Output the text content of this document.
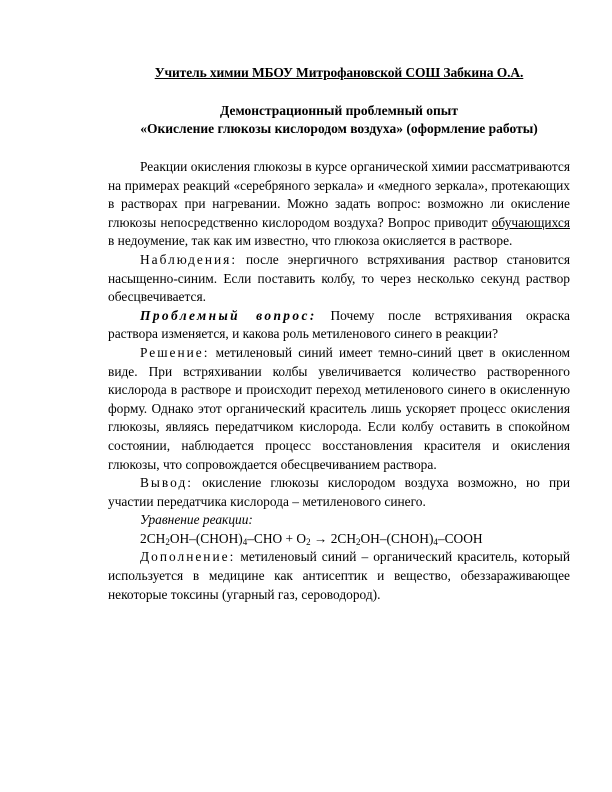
Учитель химии МБОУ Митрофановской СОШ Забкина О.А.
Демонстрационный проблемный опыт
«Окисление глюкозы кислородом воздуха» (оформление работы)

Реакции окисления глюкозы в курсе органической химии рассматриваются на примерах реакций «серебряного зеркала» и «медного зеркала», протекающих в растворах при нагревании. Можно задать вопрос: возможно ли окисление глюкозы непосредственно кислородом воздуха? Вопрос приводит обучающихся в недоумение, так как им известно, что глюкоза окисляется в растворе.

Наблюдения: после энергичного встряхивания раствор становится насыщенно-синим. Если поставить колбу, то через несколько секунд раствор обесцвечивается.

Проблемный вопрос: Почему после встряхивания окраска раствора изменяется, и какова роль метиленового синего в реакции?

Решение: метиленовый синий имеет темно-синий цвет в окисленном виде. При встряхивании колбы увеличивается количество растворенного кислорода в растворе и происходит переход метиленового синего в окисленную форму. Однако этот органический краситель лишь ускоряет процесс окисления глюкозы, являясь передатчиком кислорода. Если колбу оставить в спокойном состоянии, наблюдается процесс восстановления красителя и окисления глюкозы, что сопровождается обесцвечиванием раствора.

Вывод: окисление глюкозы кислородом воздуха возможно, но при участии передатчика кислорода – метиленового синего.

Уравнение реакции:

$2CH_2OH-(CHOH)_4$–CHO + $O_2$ → $2CH_2OH-(CHOH)_4$–COOH

Дополнение: метиленовый синий – органический краситель, который используется в медицине как антисептик и вещество, обеззараживающее некоторые токсины (угарный газ, сероводород).
